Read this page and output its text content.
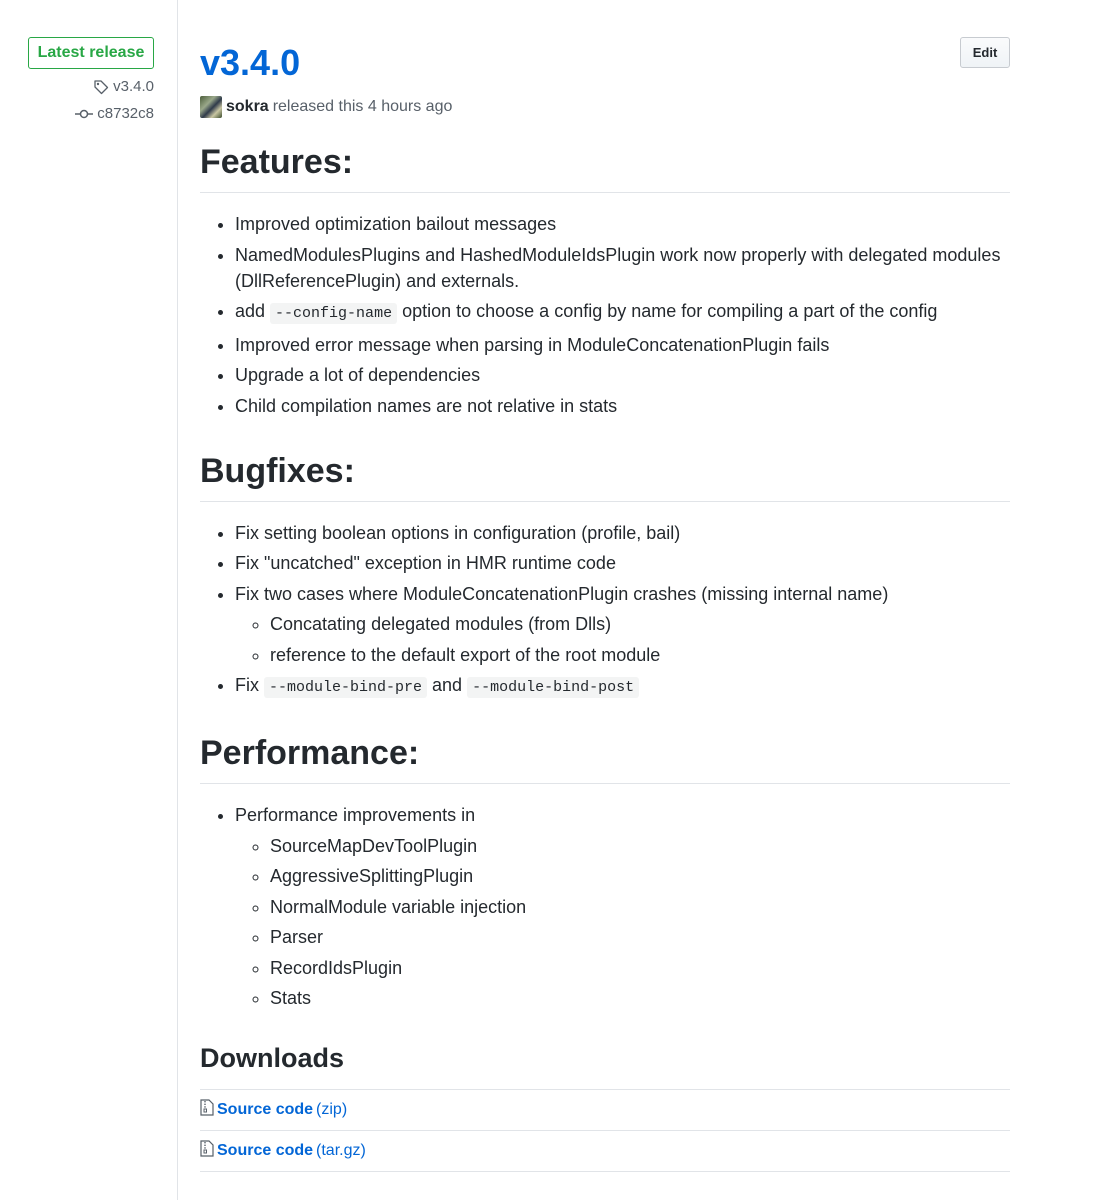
Latest release
v3.4.0
c8732c8
v3.4.0	Edit
sokra released this 4 hours ago
Features:
• Improved optimization bailout messages
• NamedModulesPlugins and HashedModuleIdsPlugin work now properly with delegated modules (DllReferencePlugin) and externals.
• add --config-name option to choose a config by name for compiling a part of the config
• Improved error message when parsing in ModuleConcatenationPlugin fails
• Upgrade a lot of dependencies
• Child compilation names are not relative in stats
Bugfixes:
• Fix setting boolean options in configuration (profile, bail)
• Fix "uncatched" exception in HMR runtime code
• Fix two cases where ModuleConcatenationPlugin crashes (missing internal name)
◦ Concatating delegated modules (from Dlls)
◦ reference to the default export of the root module
• Fix --module-bind-pre and --module-bind-post
Performance:
• Performance improvements in
◦ SourceMapDevToolPlugin
◦ AggressiveSplittingPlugin
◦ NormalModule variable injection
◦ Parser
◦ RecordIdsPlugin
◦ Stats
Downloads
Source code (zip)
Source code (tar.gz)
